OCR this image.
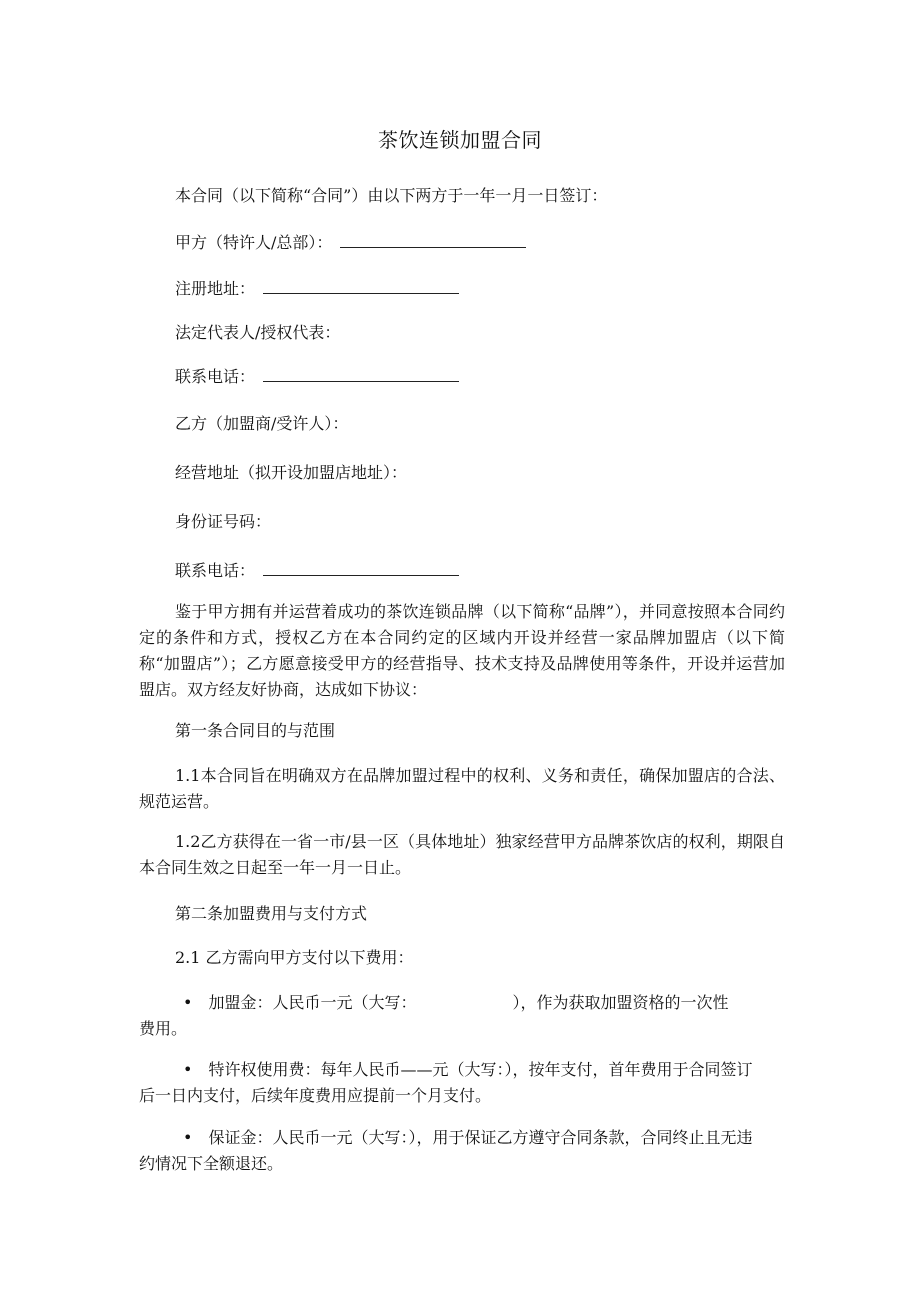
茶饮连锁加盟合同
本合同（以下简称“合同”）由以下两方于一年一月一日签订：
甲方（特许人/总部）：
注册地址：
法定代表人/授权代表：
联系电话：
乙方（加盟商/受许人）：
经营地址（拟开设加盟店地址）：
身份证号码：
联系电话：
鉴于甲方拥有并运营着成功的茶饮连锁品牌（以下简称“品牌”），并同意按照本合同约定的条件和方式，授权乙方在本合同约定的区域内开设并经营一家品牌加盟店（以下简称“加盟店”）；乙方愿意接受甲方的经营指导、技术支持及品牌使用等条件，开设并运营加盟店。双方经友好协商，达成如下协议：
第一条合同目的与范围
1.1本合同旨在明确双方在品牌加盟过程中的权利、义务和责任，确保加盟店的合法、规范运营。
1.2乙方获得在一省一市/县一区（具体地址）独家经营甲方品牌茶饮店的权利，期限自本合同生效之日起至一年一月一日止。
第二条加盟费用与支付方式
2.1 乙方需向甲方支付以下费用：
• 加盟金：人民币一元（大写：	），作为获取加盟资格的一次性
费用。
• 特许权使用费：每年人民币——元（大写：），按年支付，首年费用于合同签订
后一日内支付，后续年度费用应提前一个月支付。
• 保证金：人民币一元（大写：），用于保证乙方遵守合同条款，合同终止且无违
约情况下全额退还。
